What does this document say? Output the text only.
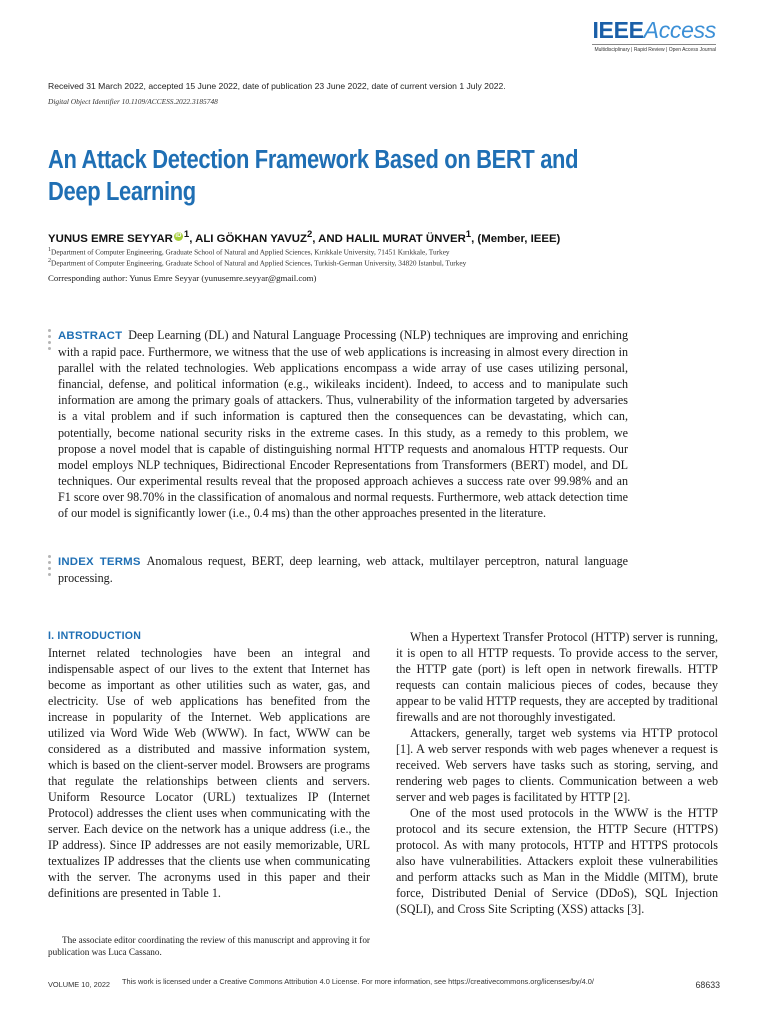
IEEEAccess
Multidisciplinary | Rapid Review | Open Access Journal
Received 31 March 2022, accepted 15 June 2022, date of publication 23 June 2022, date of current version 1 July 2022.
Digital Object Identifier 10.1109/ACCESS.2022.3185748
An Attack Detection Framework Based on BERT and Deep Learning
YUNUS EMRE SEYYAR iD $^1$, ALI GÖKHAN YAVUZ$^2$, AND HALIL MURAT ÜNVER$^1$, (Member, IEEE)
$^1$Department of Computer Engineering, Graduate School of Natural and Applied Sciences, Kırıkkale University, 71451 Kırıkkale, Turkey
$^2$Department of Computer Engineering, Graduate School of Natural and Applied Sciences, Turkish-German University, 34820 Istanbul, Turkey
Corresponding author: Yunus Emre Seyyar (yunusemre.seyyar@gmail.com)

ABSTRACT Deep Learning (DL) and Natural Language Processing (NLP) techniques are improving and enriching with a rapid pace. Furthermore, we witness that the use of web applications is increasing in almost every direction in parallel with the related technologies. Web applications encompass a wide array of use cases utilizing personal, financial, defense, and political information (e.g., wikileaks incident). Indeed, to access and to manipulate such information are among the primary goals of attackers. Thus, vulnerability of the information targeted by adversaries is a vital problem and if such information is captured then the consequences can be devastating, which can, potentially, become national security risks in the extreme cases. In this study, as a remedy to this problem, we propose a novel model that is capable of distinguishing normal HTTP requests and anomalous HTTP requests. Our model employs NLP techniques, Bidirectional Encoder Representations from Transformers (BERT) model, and DL techniques. Our experimental results reveal that the proposed approach achieves a success rate over 99.98% and an F1 score over 98.70% in the classification of anomalous and normal requests. Furthermore, web attack detection time of our model is significantly lower (i.e., 0.4 ms) than the other approaches presented in the literature.

INDEX TERMS Anomalous request, BERT, deep learning, web attack, multilayer perceptron, natural language processing.

I. INTRODUCTION

Internet related technologies have been an integral and indispensable aspect of our lives to the extent that Internet has become as important as other utilities such as water, gas, and electricity. Use of web applications has benefited from the increase in popularity of the Internet. Web applications are utilized via Word Wide Web (WWW). In fact, WWW can be considered as a distributed and massive information system, which is based on the client-server model. Browsers are programs that regulate the relationships between clients and servers. Uniform Resource Locator (URL) textualizes IP (Internet Protocol) addresses the client uses when communicating with the server. Each device on the network has a unique address (i.e., the IP address). Since IP addresses are not easily memorizable, URL textualizes IP addresses that the clients use when communicating with the server. The acronyms used in this paper and their definitions are presented in Table 1.

When a Hypertext Transfer Protocol (HTTP) server is running, it is open to all HTTP requests. To provide access to the server, the HTTP gate (port) is left open in network firewalls. HTTP requests can contain malicious pieces of codes, because they appear to be valid HTTP requests, they are accepted by traditional firewalls and are not thoroughly investigated.

Attackers, generally, target web systems via HTTP protocol [1]. A web server responds with web pages whenever a request is received. Web servers have tasks such as storing, serving, and rendering web pages to clients. Communication between a web server and web pages is facilitated by HTTP [2].

One of the most used protocols in the WWW is the HTTP protocol and its secure extension, the HTTP Secure (HTTPS) protocol. As with many protocols, HTTP and HTTPS protocols also have vulnerabilities. Attackers exploit these vulnerabilities and perform attacks such as Man in the Middle (MITM), brute force, Distributed Denial of Service (DDoS), SQL Injection (SQLI), and Cross Site Scripting (XSS) attacks [3].

The associate editor coordinating the review of this manuscript and approving it for publication was Luca Cassano.

VOLUME 10, 2022 This work is licensed under a Creative Commons Attribution 4.0 License. For more information, see https://creativecommons.org/licenses/by/4.0/	68633
